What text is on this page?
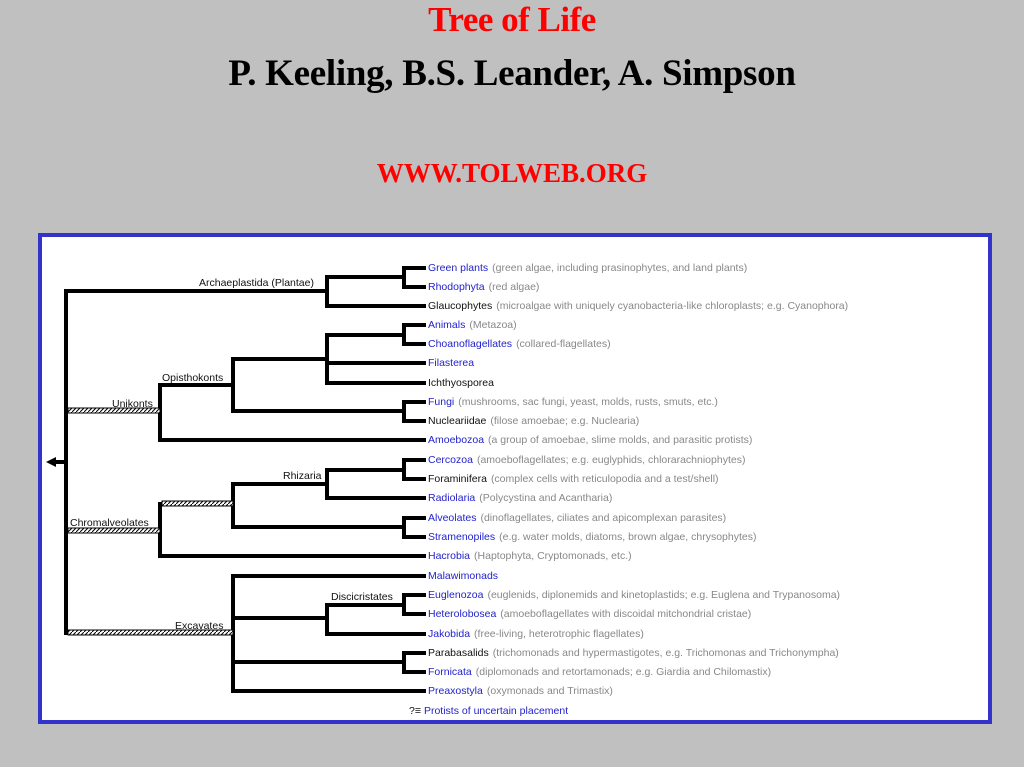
Tree of Life
P. Keeling, B.S. Leander, A. Simpson
WWW.TOLWEB.ORG
Archaeplastida (Plantae)
Unikonts
Opisthokonts
Rhizaria
Chromalveolates
Discicristates
Excavates
Green plants (green algae, including prasinophytes, and land plants)
Rhodophyta (red algae)
Glaucophytes (microalgae with uniquely cyanobacteria-like chloroplasts; e.g. Cyanophora)
Animals (Metazoa)
Choanoflagellates (collared-flagellates)
Filasterea
Ichthyosporea
Fungi (mushrooms, sac fungi, yeast, molds, rusts, smuts, etc.)
Nucleariidae (filose amoebae; e.g. Nuclearia)
Amoebozoa (a group of amoebae, slime molds, and parasitic protists)
Cercozoa (amoeboflagellates; e.g. euglyphids, chlorarachniophytes)
Foraminifera (complex cells with reticulopodia and a test/shell)
Radiolaria (Polycystina and Acantharia)
Alveolates (dinoflagellates, ciliates and apicomplexan parasites)
Stramenopiles (e.g. water molds, diatoms, brown algae, chrysophytes)
Hacrobia (Haptophyta, Cryptomonads, etc.)
Malawimonads
Euglenozoa (euglenids, diplonemids and kinetoplastids; e.g. Euglena and Trypanosoma)
Heterolobosea (amoeboflagellates with discoidal mitchondrial cristae)
Jakobida (free-living, heterotrophic flagellates)
Parabasalids (trichomonads and hypermastigotes, e.g. Trichomonas and Trichonympha)
Fornicata (diplomonads and retortamonads; e.g. Giardia and Chilomastix)
Preaxostyla (oxymonads and Trimastix)
?≡ Protists of uncertain placement
